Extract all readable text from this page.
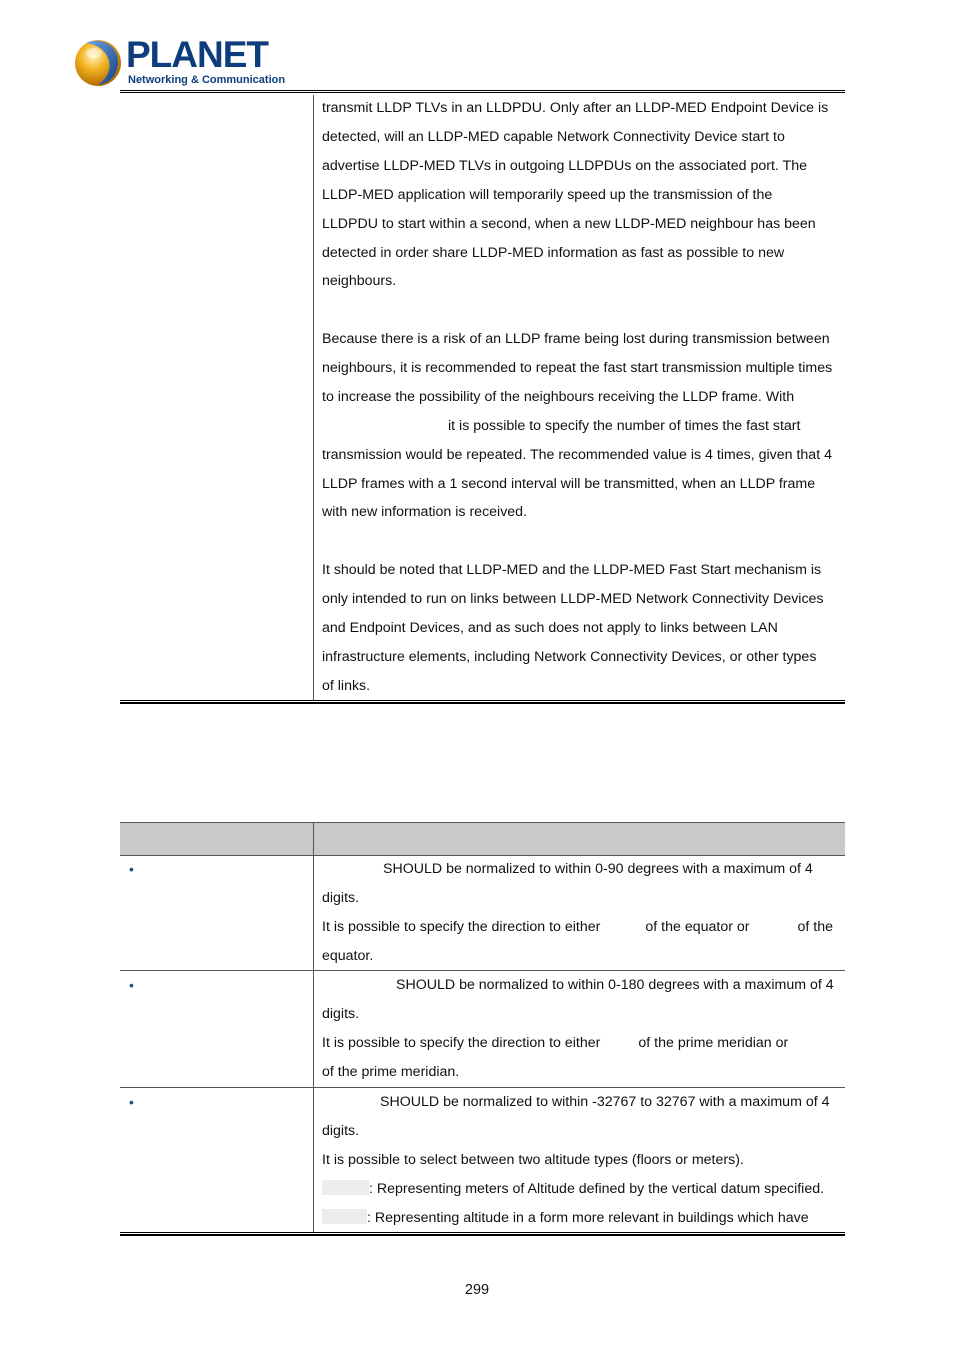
PLANET
Networking & Communication
transmit LLDP TLVs in an LLDPDU. Only after an LLDP-MED Endpoint Device is
detected, will an LLDP-MED capable Network Connectivity Device start to
advertise LLDP-MED TLVs in outgoing LLDPDUs on the associated port. The
LLDP-MED application will temporarily speed up the transmission of the
LLDPDU to start within a second, when a new LLDP-MED neighbour has been
detected in order share LLDP-MED information as fast as possible to new
neighbours.
Because there is a risk of an LLDP frame being lost during transmission between
neighbours, it is recommended to repeat the fast start transmission multiple times
to increase the possibility of the neighbours receiving the LLDP frame. With
it is possible to specify the number of times the fast start
transmission would be repeated. The recommended value is 4 times, given that 4
LLDP frames with a 1 second interval will be transmitted, when an LLDP frame
with new information is received.
It should be noted that LLDP-MED and the LLDP-MED Fast Start mechanism is
only intended to run on links between LLDP-MED Network Connectivity Devices
and Endpoint Devices, and as such does not apply to links between LAN
infrastructure elements, including Network Connectivity Devices, or other types
of links.
•	SHOULD be normalized to within 0-90 degrees with a maximum of 4
digits.
It is possible to specify the direction to either	of the equator or	of the
equator.
•	SHOULD be normalized to within 0-180 degrees with a maximum of 4
digits.
It is possible to specify the direction to either	of the prime meridian or
of the prime meridian.
•	SHOULD be normalized to within -32767 to 32767 with a maximum of 4
digits.
It is possible to select between two altitude types (floors or meters).
: Representing meters of Altitude defined by the vertical datum specified.
: Representing altitude in a form more relevant in buildings which have
299
